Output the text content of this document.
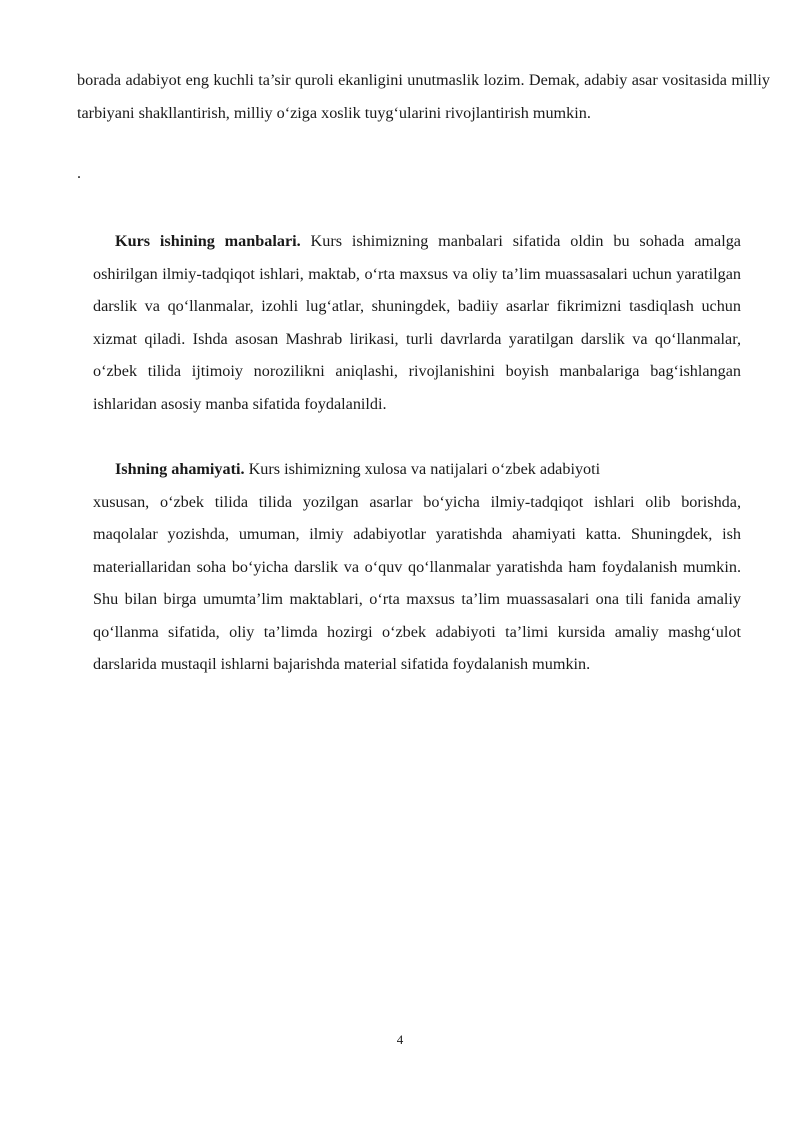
borada adabiyot eng kuchli ta’sir quroli ekanligini unutmaslik lozim. Demak, adabiy asar vositasida milliy tarbiyani shakllantirish, milliy o‘ziga xoslik tuyg‘ularini rivojlantirish mumkin.

.

Kurs ishining manbalari. Kurs ishimizning manbalari sifatida oldin bu sohada amalga oshirilgan ilmiy-tadqiqot ishlari, maktab, o‘rta maxsus va oliy ta’lim muassasalari uchun yaratilgan darslik va qo‘llanmalar, izohli lug‘atlar, shuningdek, badiiy asarlar fikrimizni tasdiqlash uchun xizmat qiladi. Ishda asosan Mashrab lirikasi, turli davrlarda yaratilgan darslik va qo‘llanmalar, o‘zbek tilida ijtimoiy norozilikni aniqlashi, rivojlanishini boyish manbalariga bag‘ishlangan ishlaridan asosiy manba sifatida foydalanildi.

Ishning ahamiyati. Kurs ishimizning xulosa va natijalari o‘zbek adabiyoti
xususan, o‘zbek tilida tilida yozilgan asarlar bo‘yicha ilmiy-tadqiqot ishlari olib borishda, maqolalar yozishda, umuman, ilmiy adabiyotlar yaratishda ahamiyati katta. Shuningdek, ish materiallaridan soha bo‘yicha darslik va o‘quv qo‘llanmalar yaratishda ham foydalanish mumkin. Shu bilan birga umumta’lim maktablari, o‘rta maxsus ta’lim muassasalari ona tili fanida amaliy qo‘llanma sifatida, oliy ta’limda hozirgi o‘zbek adabiyoti ta’limi kursida amaliy mashg‘ulot darslarida mustaqil ishlarni bajarishda material sifatida foydalanish mumkin.

4
